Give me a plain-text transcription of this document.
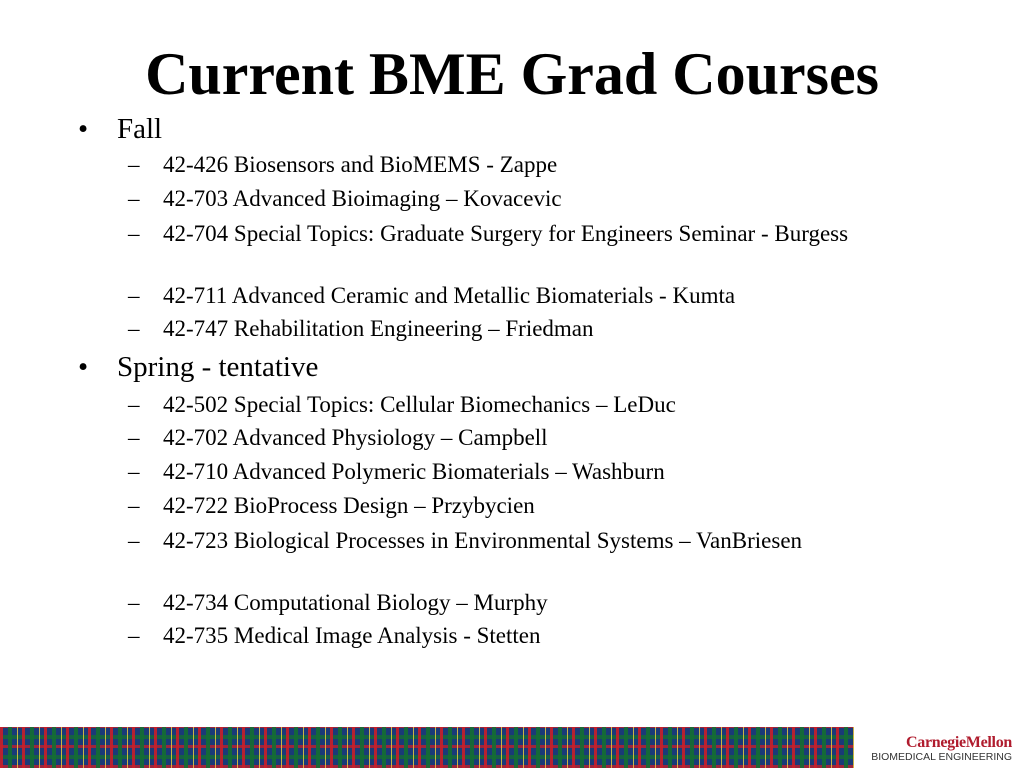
Current BME Grad Courses
• Fall
– 42-426 Biosensors and BioMEMS - Zappe
– 42-703 Advanced Bioimaging – Kovacevic
– 42-704 Special Topics: Graduate Surgery for Engineers Seminar - Burgess
– 42-711 Advanced Ceramic and Metallic Biomaterials - Kumta
– 42-747 Rehabilitation Engineering – Friedman
• Spring - tentative
– 42-502 Special Topics: Cellular Biomechanics – LeDuc
– 42-702 Advanced Physiology – Campbell
– 42-710 Advanced Polymeric Biomaterials – Washburn
– 42-722 BioProcess Design – Przybycien
– 42-723 Biological Processes in Environmental Systems – VanBriesen
– 42-734 Computational Biology – Murphy
– 42-735 Medical Image Analysis - Stetten
CarnegieMellon
BIOMEDICAL ENGINEERING
